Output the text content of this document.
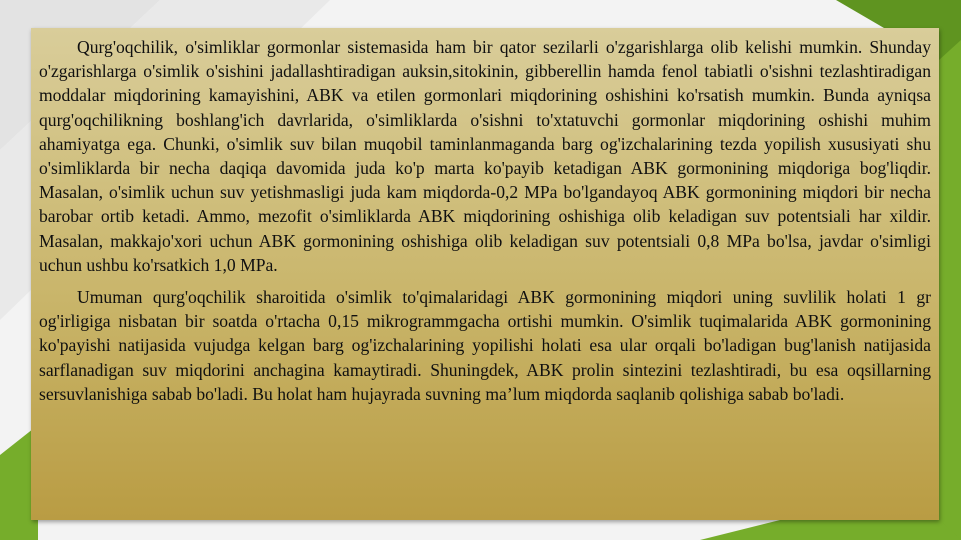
Qurg'oqchilik, o'simliklar gormonlar sistemasida ham bir qator sezilarli o'zgarishlarga olib kelishi mumkin. Shunday o'zgarishlarga o'simlik o'sishini jadallashtiradigan auksin,sitokinin, gibberellin hamda fenol tabiatli o'sishni tezlashtiradigan moddalar miqdorining kamayishini, ABK va etilen gormonlari miqdorining oshishini ko'rsatish mumkin. Bunda ayniqsa qurg'oqchilikning boshlang'ich davrlarida, o'simliklarda o'sishni to'xtatuvchi gormonlar miqdorining oshishi muhim ahamiyatga ega. Chunki, o'simlik suv bilan muqobil taminlanmaganda barg og'izchalarining tezda yopilish xususiyati shu o'simliklarda bir necha daqiqa davomida juda ko'p marta ko'payib ketadigan ABK gormonining miqdoriga bog'liqdir. Masalan, o'simlik uchun suv yetishmasligi juda kam miqdorda-0,2 MPa bo'lgandayoq ABK gormonining miqdori bir necha barobar ortib ketadi. Ammo, mezofit o'simliklarda ABK miqdorining oshishiga olib keladigan suv potentsiali har xildir. Masalan, makkajo'xori uchun ABK gormonining oshishiga olib keladigan suv potentsiali 0,8 MPa bo'lsa, javdar o'simligi uchun ushbu ko'rsatkich 1,0 MPa.

Umuman qurg'oqchilik sharoitida o'simlik to'qimalaridagi ABK gormonining miqdori uning suvlilik holati 1 gr og'irligiga nisbatan bir soatda o'rtacha 0,15 mikrogrammgacha ortishi mumkin. O'simlik tuqimalarida ABK gormonining ko'payishi natijasida vujudga kelgan barg og'izchalarining yopilishi holati esa ular orqali bo'ladigan bug'lanish natijasida sarflanadigan suv miqdorini anchagina kamaytiradi. Shuningdek, ABK prolin sintezini tezlashtiradi, bu esa oqsillarning sersuvlanishiga sabab bo'ladi. Bu holat ham hujayrada suvning ma’lum miqdorda saqlanib qolishiga sabab bo'ladi.
